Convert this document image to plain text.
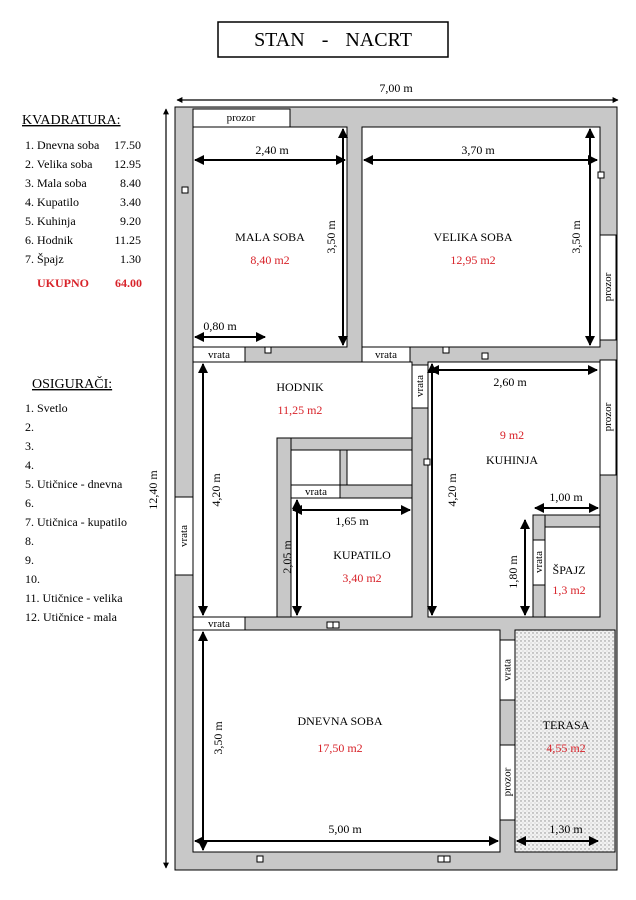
STAN - NACRT
7,00 m
12,40 m
KVADRATURA:
1. Dnevna soba 17.50
2. Velika soba 12.95
3. Mala soba	8.40
4. Kupatilo	3.40
5. Kuhinja	9.20
6. Hodnik	11.25
7. Špajz	1.30
UKUPNO 64.00
OSIGURAČI:
1. Svetlo
2.
3.
4.
5. Utičnice - dnevna
6.
7. Utičnica - kupatilo
8.
9.
10.
11. Utičnice - velika
12. Utičnice - mala
prozor
prozor
prozor
prozor
vrata	vrata
vrata
vrata
vrata
vrata
vrata
vrata
2,40 m
3,50 m
0,80 m
3,70 m
3,50 m
4,20 m
1,65 m
2,05 m
2,60 m
4,20 m	1,00 m
1,80 m
3,50 m
5,00 m	1,30 m
MALA SOBA
8,40 m2
VELIKA SOBA
12,95 m2
HODNIK
11,25 m2
KUPATILO
3,40 m2
9 m2
KUHINJA
ŠPAJZ
1,3 m2
DNEVNA SOBA
17,50 m2
TERASA
4,55 m2
